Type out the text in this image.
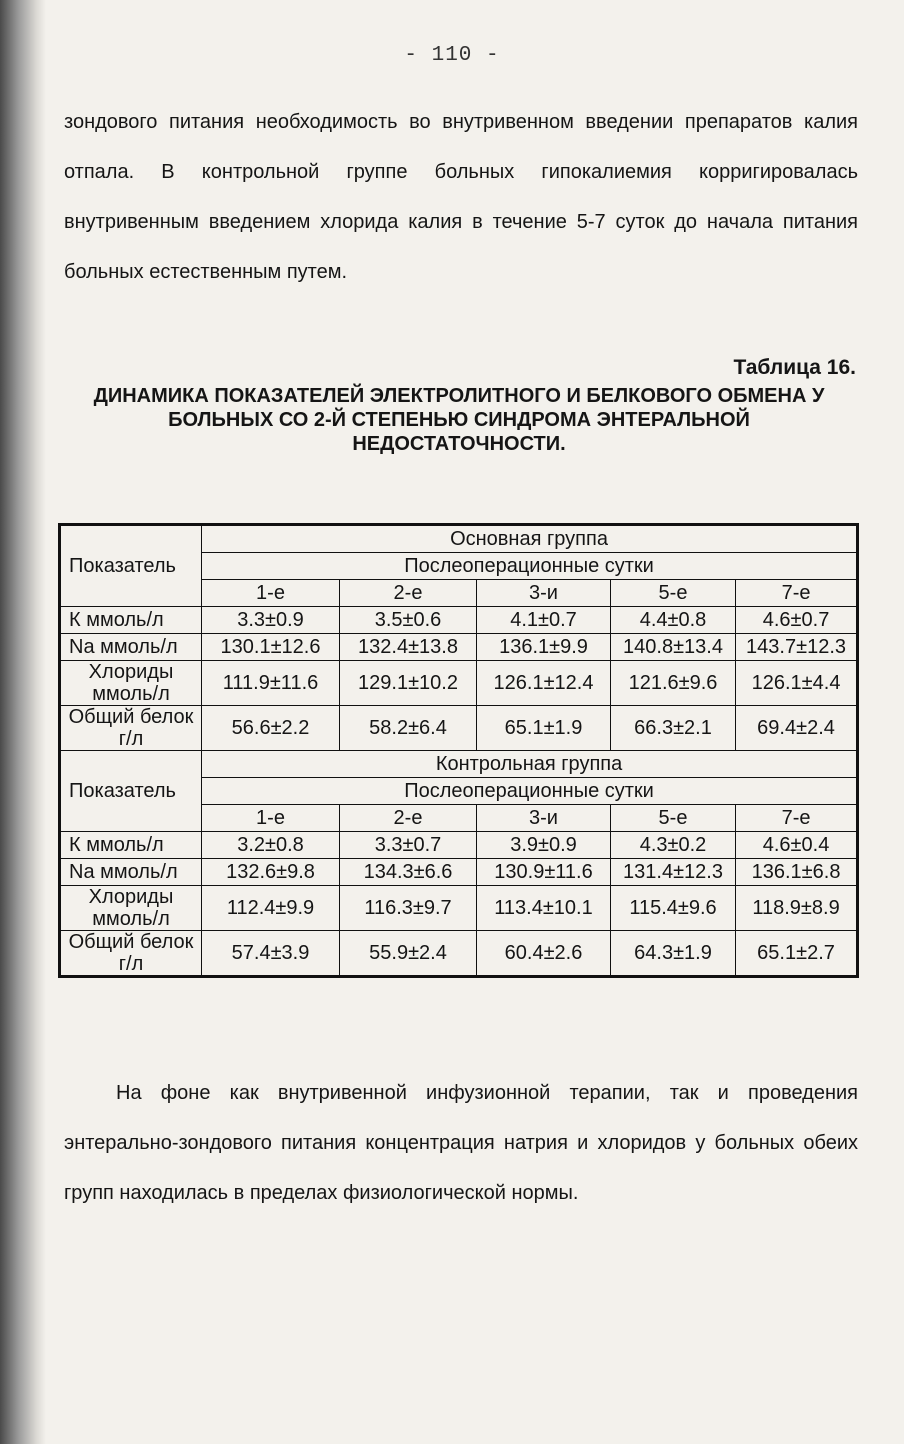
- 110 -

зондового питания необходимость во внутривенном введении препаратов калия отпала. В контрольной группе больных гипокалиемия корригировалась внутривенным введением хлорида калия в течение 5-7 суток до начала питания больных естественным путем.

Таблица 16.
ДИНАМИКА ПОКАЗАТЕЛЕЙ ЭЛЕКТРОЛИТНОГО И БЕЛКОВОГО ОБМЕНА У БОЛЬНЫХ СО 2-Й СТЕПЕНЬЮ СИНДРОМА ЭНТЕРАЛЬНОЙ НЕДОСТАТОЧНОСТИ.
Показатель	Основная группа				
	Послеоперационные сутки				
	1-е	2-е	3-и	5-е	7-е
К ммоль/л	3.3±0.9	3.5±0.6	4.1±0.7	4.4±0.8	4.6±0.7
Na ммоль/л	130.1±12.6	132.4±13.8	136.1±9.9	140.8±13.4	143.7±12.3
Хлориды ммоль/л	111.9±11.6	129.1±10.2	126.1±12.4	121.6±9.6	126.1±4.4
Общий белок г/л	56.6±2.2	58.2±6.4	65.1±1.9	66.3±2.1	69.4±2.4
Показатель	Контрольная группа				
	Послеоперационные сутки				
	1-е	2-е	3-и	5-е	7-е
К ммоль/л	3.2±0.8	3.3±0.7	3.9±0.9	4.3±0.2	4.6±0.4
Na ммоль/л	132.6±9.8	134.3±6.6	130.9±11.6	131.4±12.3	136.1±6.8
Хлориды ммоль/л	112.4±9.9	116.3±9.7	113.4±10.1	115.4±9.6	118.9±8.9
Общий белок г/л	57.4±3.9	55.9±2.4	60.4±2.6	64.3±1.9	65.1±2.7

На фоне как внутривенной инфузионной терапии, так и проведения энтерально-зондового питания концентрация натрия и хлоридов у больных обеих групп находилась в пределах физиологической нормы.
